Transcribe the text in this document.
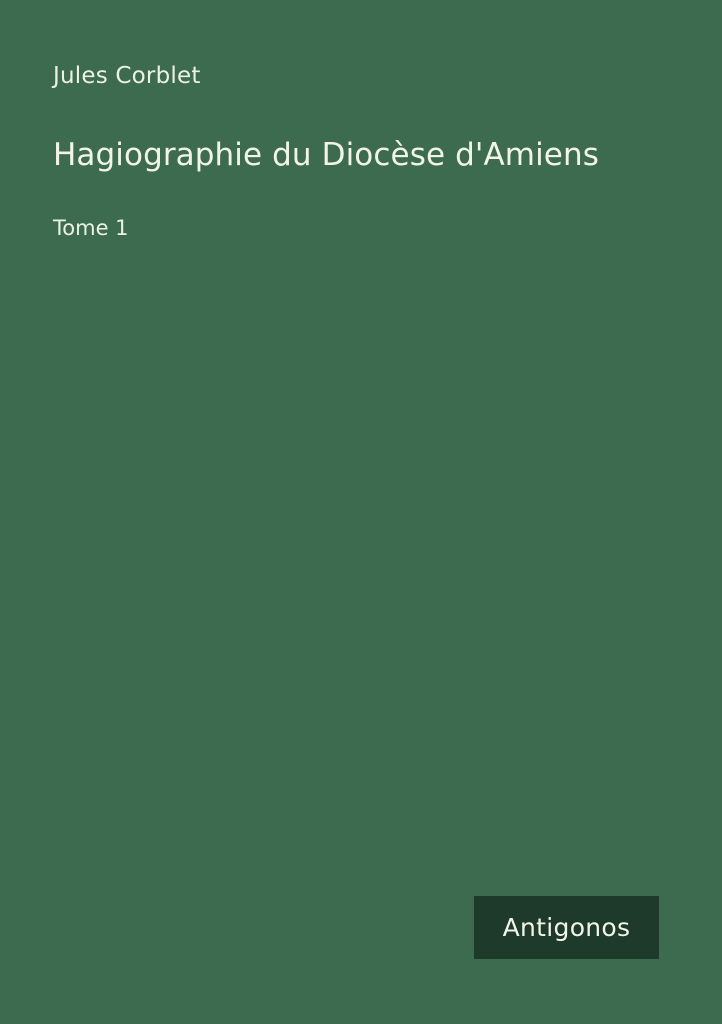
Jules Corblet
Hagiographie du Diocèse d'Amiens
Tome 1
Antigonos
